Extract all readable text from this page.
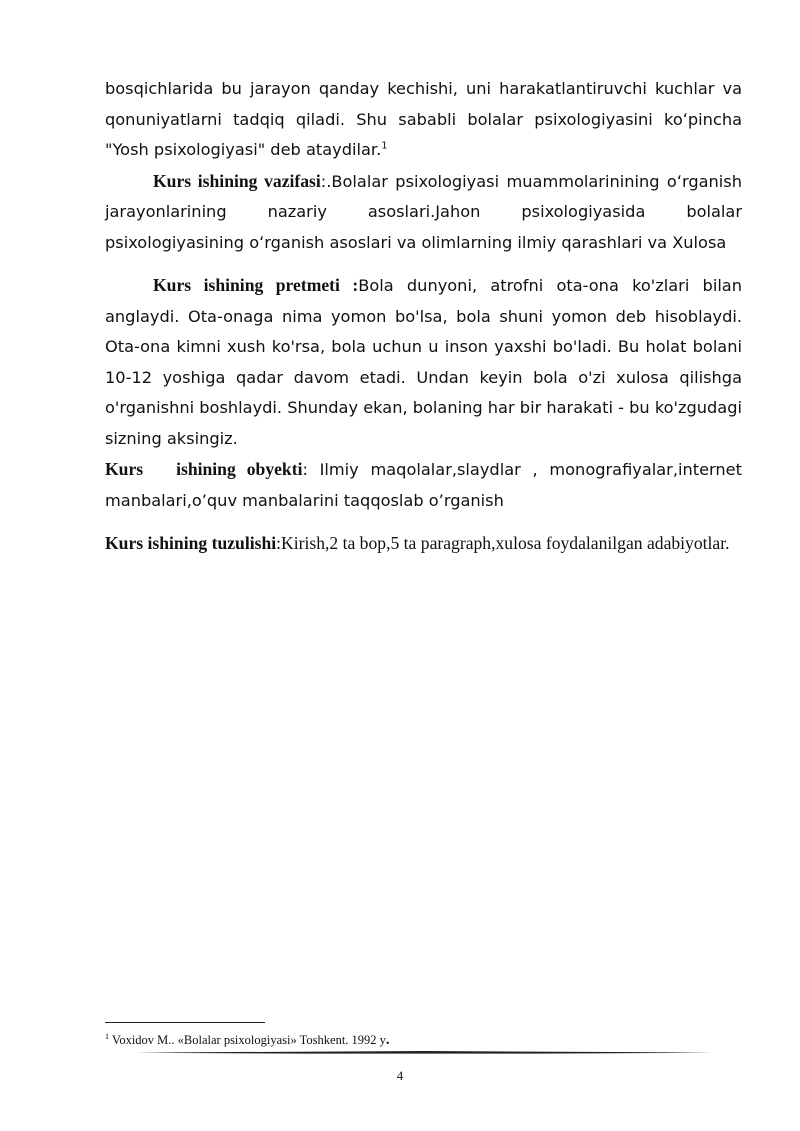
bosqichlarida bu jarayon qanday kechishi, uni harakatlantiruvchi kuchlar va qonuniyatlarni tadqiq qiladi. Shu sababli bolalar psixologiyasini koʻpincha "Yosh psixologiyasi" deb ataydilar.$^1$

Kurs ishining vazifasi:.Bolalar psixologiyasi muammolarinining oʻrganish jarayonlarining nazariy asoslari.Jahon psixologiyasida bolalar psixologiyasining oʻrganish asoslari va olimlarning ilmiy qarashlari va Xulosa

Kurs ishining pretmeti :Bola dunyoni, atrofni ota-ona ko'zlari bilan anglaydi. Ota-onaga nima yomon bo'lsa, bola shuni yomon deb hisoblaydi. Ota-ona kimni xush ko'rsa, bola uchun u inson yaxshi bo'ladi. Bu holat bolani 10-12 yoshiga qadar davom etadi. Undan keyin bola o'zi xulosa qilishga o'rganishni boshlaydi. Shunday ekan, bolaning har bir harakati - bu ko'zgudagi sizning aksingiz.

Kurs   ishining obyekti: Ilmiy maqolalar,slaydlar , monografiyalar,internet manbalari,o’quv manbalarini taqqoslab o’rganish

Kurs ishining tuzulishi:Kirish,2 ta bop,5 ta paragraph,xulosa foydalanilgan adabiyotlar.

$^1$ Voxidov M.. «Bolalar psixologiyasi» Toshkent. 1992 y.
4
